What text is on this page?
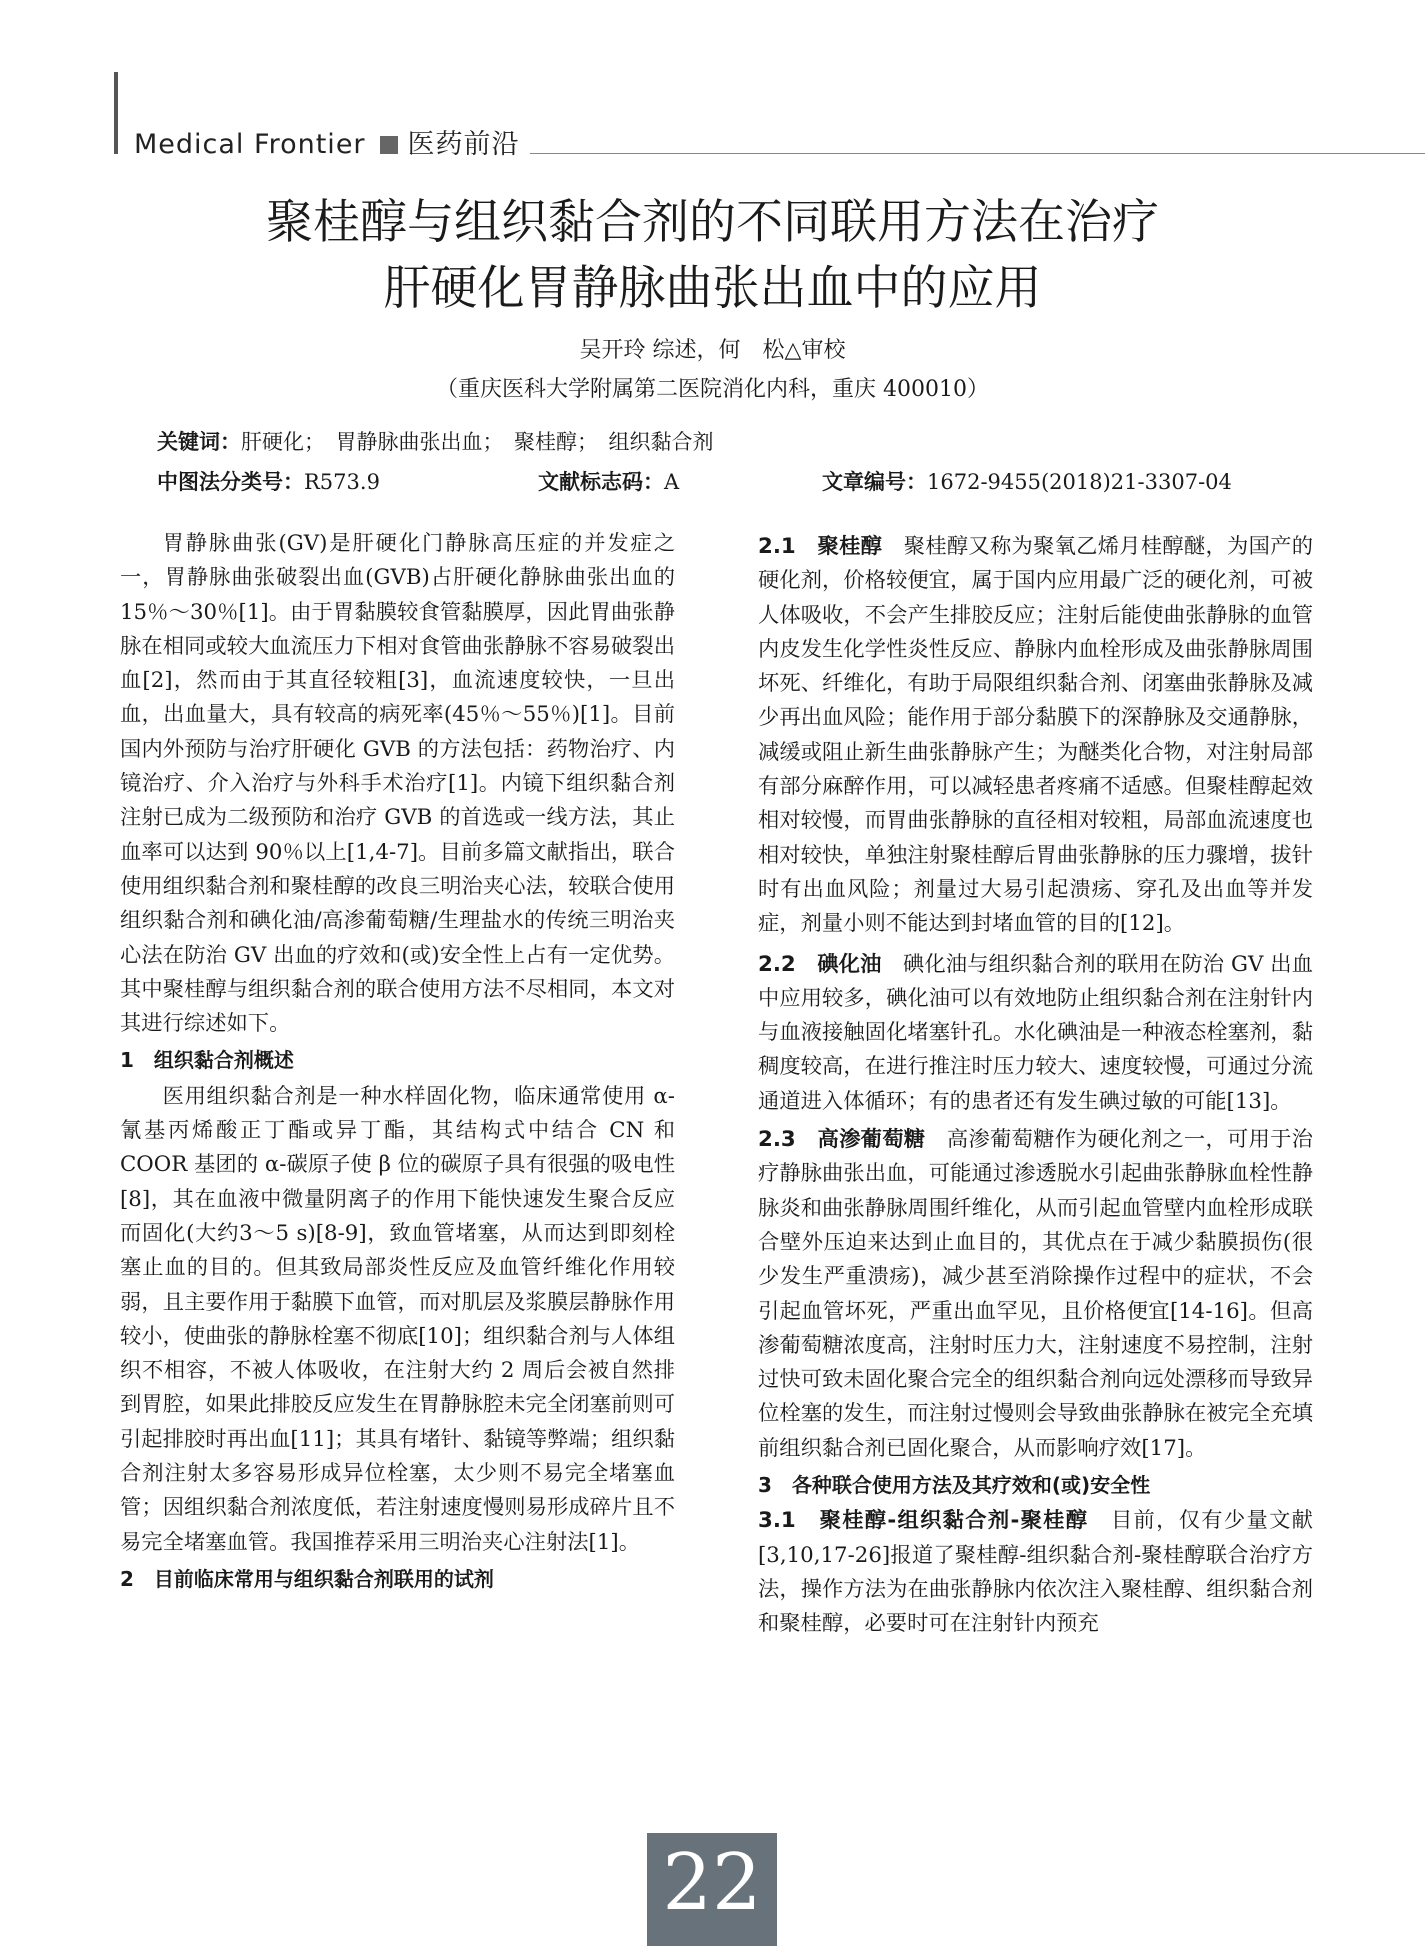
Medical Frontier 医药前沿
聚桂醇与组织黏合剂的不同联用方法在治疗
肝硬化胃静脉曲张出血中的应用
吴开玲 综述，何　松△审校
（重庆医科大学附属第二医院消化内科，重庆 400010）
关键词：肝硬化；　胃静脉曲张出血；　聚桂醇；　组织黏合剂
中图法分类号：R573.9	文献标志码：A	文章编号：1672-9455(2018)21-3307-04

胃静脉曲张(GV)是肝硬化门静脉高压症的并发症之一，胃静脉曲张破裂出血(GVB)占肝硬化静脉曲张出血的 15％～30％[1]。由于胃黏膜较食管黏膜厚，因此胃曲张静脉在相同或较大血流压力下相对食管曲张静脉不容易破裂出血[2]，然而由于其直径较粗[3]，血流速度较快，一旦出血，出血量大，具有较高的病死率(45％～55％)[1]。目前国内外预防与治疗肝硬化 GVB 的方法包括：药物治疗、内镜治疗、介入治疗与外科手术治疗[1]。内镜下组织黏合剂注射已成为二级预防和治疗 GVB 的首选或一线方法，其止血率可以达到 90％以上[1,4-7]。目前多篇文献指出，联合使用组织黏合剂和聚桂醇的改良三明治夹心法，较联合使用组织黏合剂和碘化油/高渗葡萄糖/生理盐水的传统三明治夹心法在防治 GV 出血的疗效和(或)安全性上占有一定优势。其中聚桂醇与组织黏合剂的联合使用方法不尽相同，本文对其进行综述如下。

1　组织黏合剂概述

医用组织黏合剂是一种水样固化物，临床通常使用 α-氰基丙烯酸正丁酯或异丁酯，其结构式中结合 CN 和 COOR 基团的 α-碳原子使 β 位的碳原子具有很强的吸电性[8]，其在血液中微量阴离子的作用下能快速发生聚合反应而固化(大约3～5 s)[8-9]，致血管堵塞，从而达到即刻栓塞止血的目的。但其致局部炎性反应及血管纤维化作用较弱，且主要作用于黏膜下血管，而对肌层及浆膜层静脉作用较小，使曲张的静脉栓塞不彻底[10]；组织黏合剂与人体组织不相容，不被人体吸收，在注射大约 2 周后会被自然排到胃腔，如果此排胶反应发生在胃静脉腔未完全闭塞前则可引起排胶时再出血[11]；其具有堵针、黏镜等弊端；组织黏合剂注射太多容易形成异位栓塞，太少则不易完全堵塞血管；因组织黏合剂浓度低，若注射速度慢则易形成碎片且不易完全堵塞血管。我国推荐采用三明治夹心注射法[1]。

2　目前临床常用与组织黏合剂联用的试剂

2.1　聚桂醇　 聚桂醇又称为聚氧乙烯月桂醇醚，为国产的硬化剂，价格较便宜，属于国内应用最广泛的硬化剂，可被人体吸收，不会产生排胶反应；注射后能使曲张静脉的血管内皮发生化学性炎性反应、静脉内血栓形成及曲张静脉周围坏死、纤维化，有助于局限组织黏合剂、闭塞曲张静脉及减少再出血风险；能作用于部分黏膜下的深静脉及交通静脉，减缓或阻止新生曲张静脉产生；为醚类化合物，对注射局部有部分麻醉作用，可以减轻患者疼痛不适感。但聚桂醇起效相对较慢，而胃曲张静脉的直径相对较粗，局部血流速度也相对较快，单独注射聚桂醇后胃曲张静脉的压力骤增，拔针时有出血风险；剂量过大易引起溃疡、穿孔及出血等并发症，剂量小则不能达到封堵血管的目的[12]。

2.2　碘化油　 碘化油与组织黏合剂的联用在防治 GV 出血中应用较多，碘化油可以有效地防止组织黏合剂在注射针内与血液接触固化堵塞针孔。水化碘油是一种液态栓塞剂，黏稠度较高，在进行推注时压力较大、速度较慢，可通过分流通道进入体循环；有的患者还有发生碘过敏的可能[13]。

2.3　高渗葡萄糖　 高渗葡萄糖作为硬化剂之一，可用于治疗静脉曲张出血，可能通过渗透脱水引起曲张静脉血栓性静脉炎和曲张静脉周围纤维化，从而引起血管壁内血栓形成联合壁外压迫来达到止血目的，其优点在于减少黏膜损伤(很少发生严重溃疡)，减少甚至消除操作过程中的症状，不会引起血管坏死，严重出血罕见，且价格便宜[14-16]。但高渗葡萄糖浓度高，注射时压力大，注射速度不易控制，注射过快可致未固化聚合完全的组织黏合剂向远处漂移而导致异位栓塞的发生，而注射过慢则会导致曲张静脉在被完全充填前组织黏合剂已固化聚合，从而影响疗效[17]。

3　各种联合使用方法及其疗效和(或)安全性

3.1　聚桂醇-组织黏合剂-聚桂醇　 目前，仅有少量文献[3,10,17-26]报道了聚桂醇-组织黏合剂-聚桂醇联合治疗方法，操作方法为在曲张静脉内依次注入聚桂醇、组织黏合剂和聚桂醇，必要时可在注射针内预充

22
